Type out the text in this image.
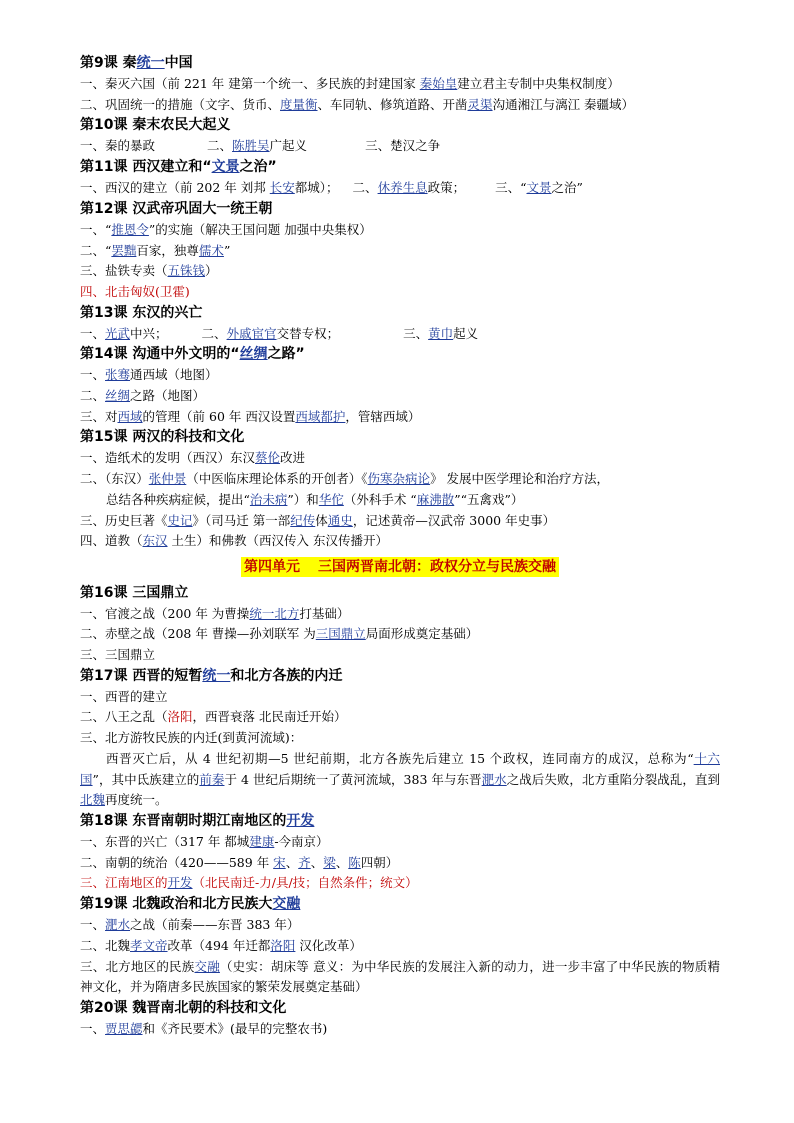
第9课 秦统一中国
一、秦灭六国（前 221 年 建第一个统一、多民族的封建国家 秦始皇建立君主专制中央集权制度）
二、巩固统一的措施（文字、货币、度量衡、车同轨、修筑道路、开凿灵渠沟通湘江与漓江 秦疆域）
第10课 秦末农民大起义
一、秦的暴政	二、陈胜吴广起义	三、楚汉之争
第11课 西汉建立和“文景之治”
一、西汉的建立（前 202 年 刘邦 长安都城）； 二、休养生息政策； 三、“文景之治”
第12课 汉武帝巩固大一统王朝
一、“推恩令”的实施（解决王国问题 加强中央集权）
二、“罢黜百家，独尊儒术”
三、盐铁专卖（五铢钱）
四、北击匈奴(卫霍)
第13课 东汉的兴亡
一、光武中兴；	二、外戚宦官交替专权；	三、黄巾起义
第14课 沟通中外文明的“丝绸之路”
一、张骞通西域（地图）
二、丝绸之路（地图）
三、对西域的管理（前 60 年 西汉设置西域都护，管辖西域）
第15课 两汉的科技和文化
一、造纸术的发明（西汉）东汉蔡伦改进
二、（东汉）张仲景（中医临床理论体系的开创者）《伤寒杂病论》 发展中医学理论和治疗方法，
总结各种疾病症候，提出“治未病”）和华佗（外科手术 “麻沸散”“五禽戏”）
三、历史巨著《史记》（司马迁 第一部纪传体通史，记述黄帝—汉武帝 3000 年史事）
四、道教（东汉 土生）和佛教（西汉传入 东汉传播开）
第四单元 三国两晋南北朝：政权分立与民族交融
第16课 三国鼎立
一、官渡之战（200 年 为曹操统一北方打基础）
二、赤壁之战（208 年 曹操—孙刘联军 为三国鼎立局面形成奠定基础）
三、三国鼎立
第17课 西晋的短暂统一和北方各族的内迁
一、西晋的建立
二、八王之乱（洛阳，西晋衰落 北民南迁开始）
三、北方游牧民族的内迁(到黄河流域)：
西晋灭亡后，从 4 世纪初期—5 世纪前期，北方各族先后建立 15 个政权，连同南方的成汉，总称为“十六国”，其中氐族建立的前秦于 4 世纪后期统一了黄河流域，383 年与东晋淝水之战后失败，北方重陷分裂战乱，直到北魏再度统一。
第18课 东晋南朝时期江南地区的开发
一、东晋的兴亡（317 年 都城建康-今南京）
二、南朝的统治（420——589 年 宋、齐、梁、陈四朝）
三、江南地区的开发（北民南迁-力/具/技；自然条件；统文）
第19课 北魏政治和北方民族大交融
一、淝水之战（前秦——东晋 383 年）
二、北魏孝文帝改革（494 年迁都洛阳 汉化改革）
三、北方地区的民族交融（史实：胡床等 意义：为中华民族的发展注入新的动力，进一步丰富了中华民族的物质精神文化，并为隋唐多民族国家的繁荣发展奠定基础）
第20课 魏晋南北朝的科技和文化
一、贾思勰和《齐民要术》(最早的完整农书)
